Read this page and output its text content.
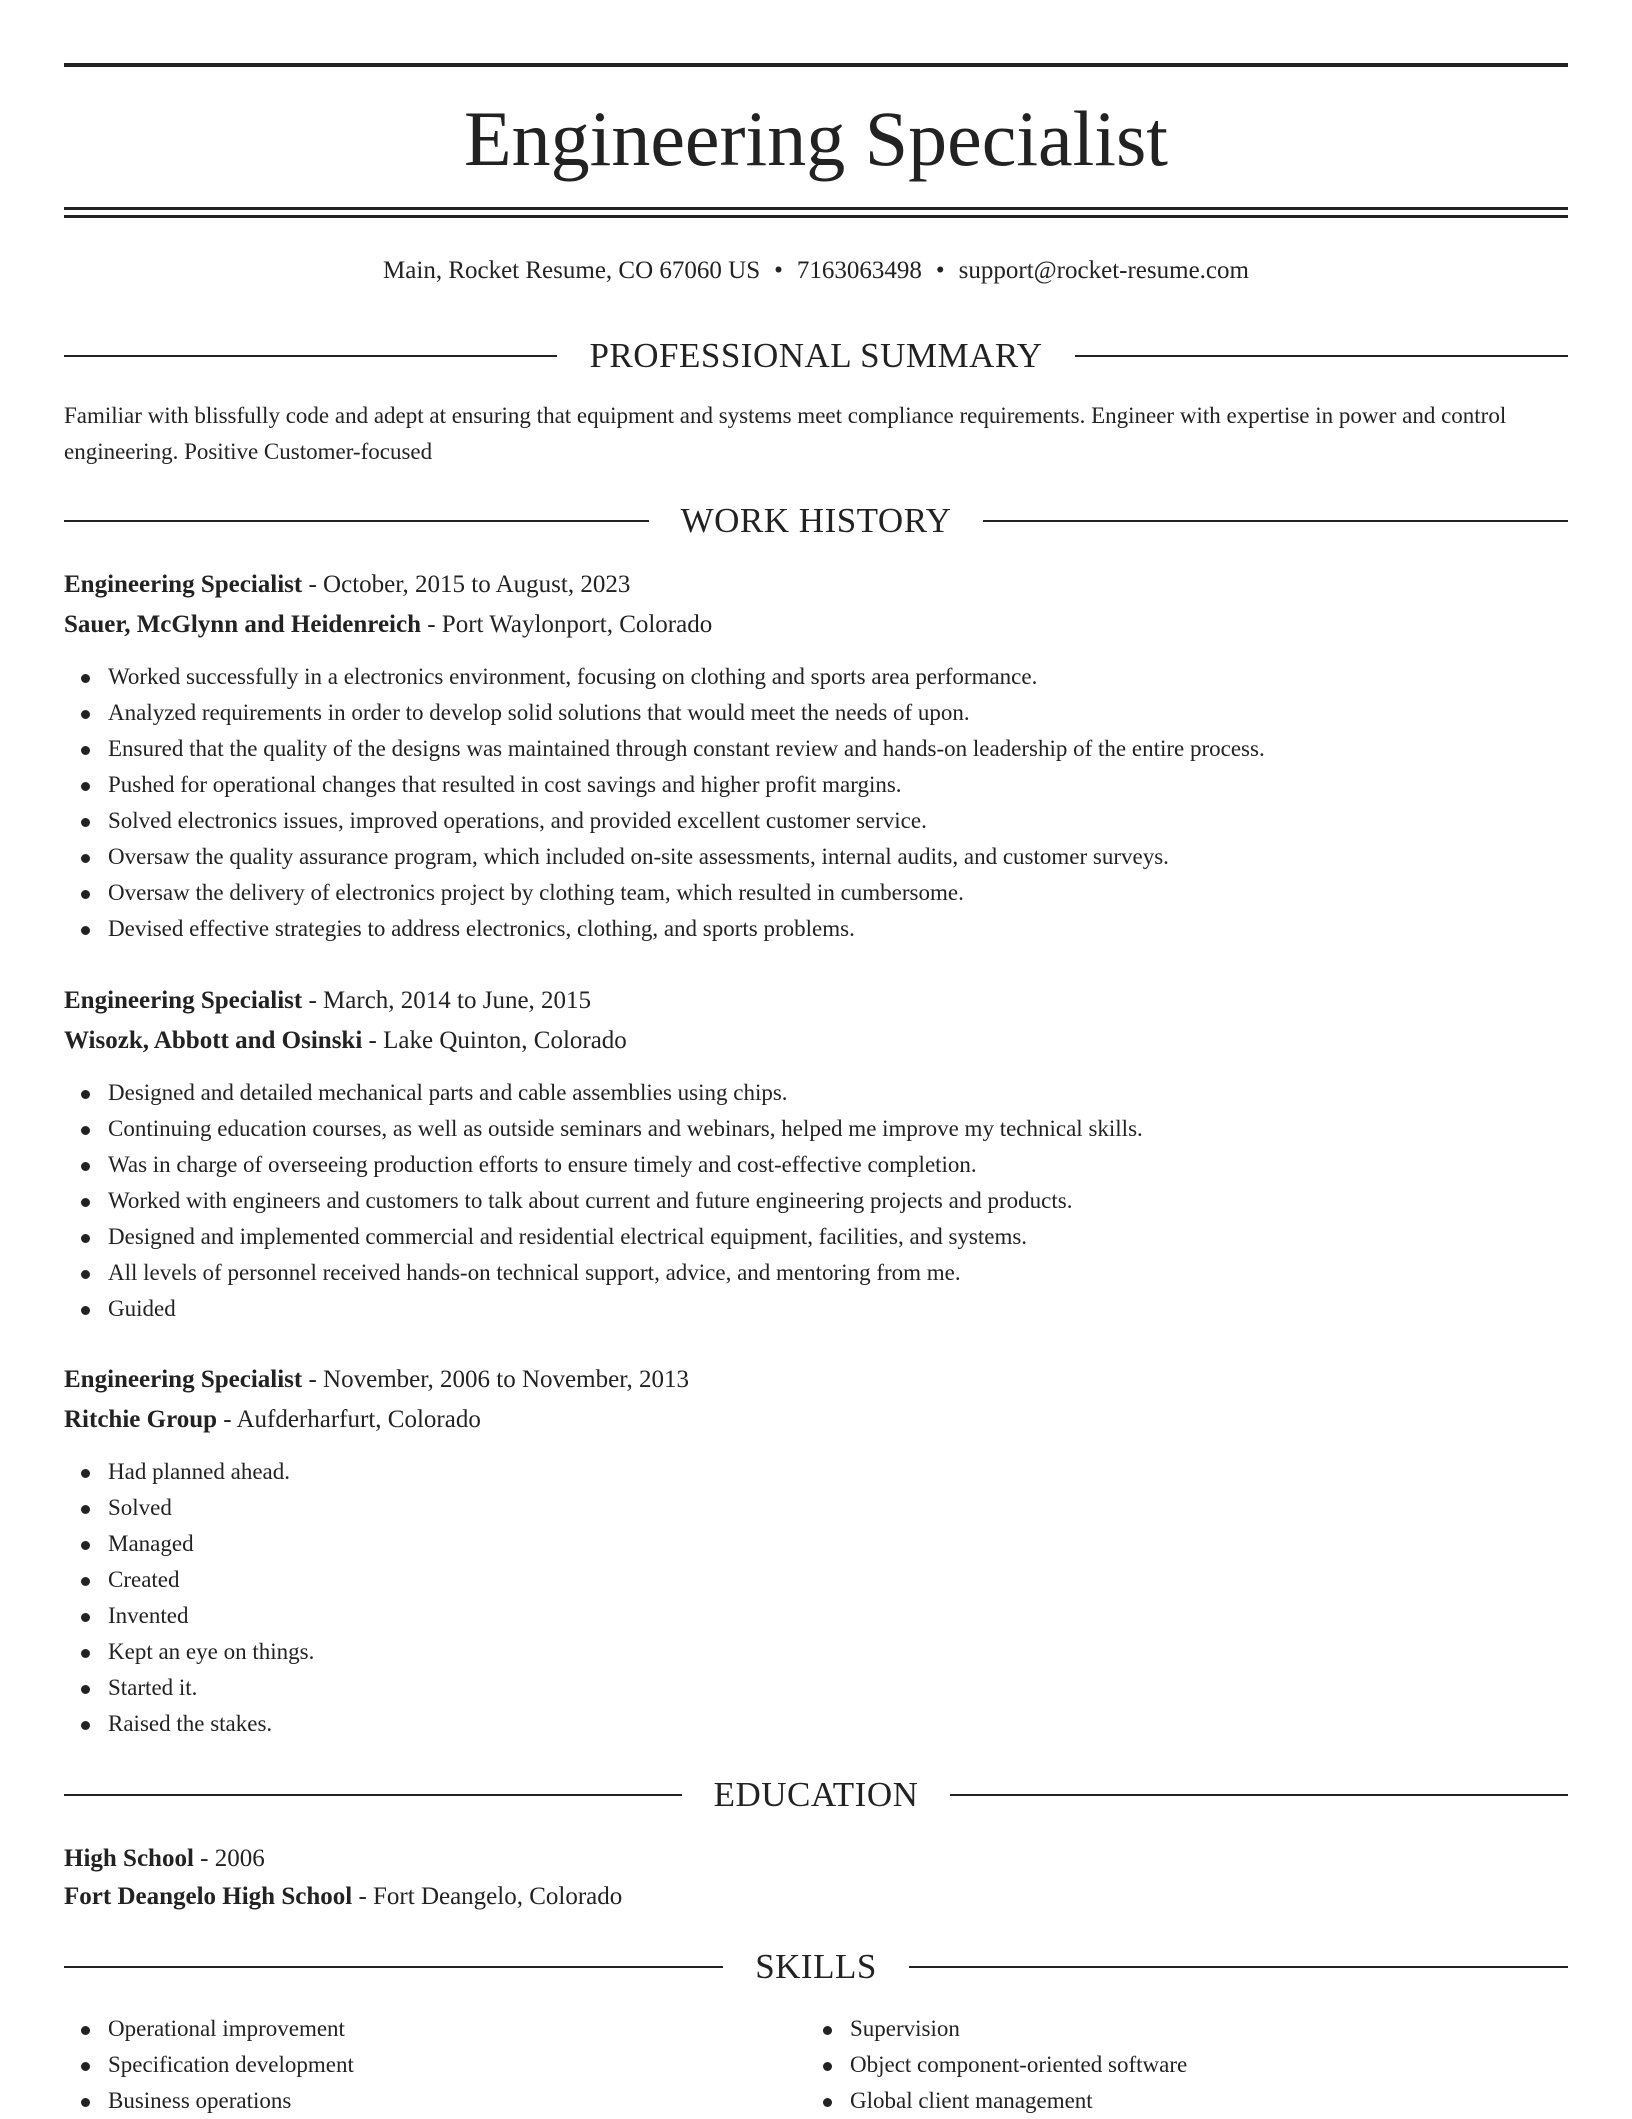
Engineering Specialist
Main, Rocket Resume, CO 67060 US • 7163063498 • support@rocket-resume.com
PROFESSIONAL SUMMARY

Familiar with blissfully code and adept at ensuring that equipment and systems meet compliance requirements. Engineer with expertise in power and control engineering. Positive Customer-focused

WORK HISTORY
Engineering Specialist - October, 2015 to August, 2023
Sauer, McGlynn and Heidenreich - Port Waylonport, Colorado
Worked successfully in a electronics environment, focusing on clothing and sports area performance.
Analyzed requirements in order to develop solid solutions that would meet the needs of upon.
Ensured that the quality of the designs was maintained through constant review and hands-on leadership of the entire process.
Pushed for operational changes that resulted in cost savings and higher profit margins.
Solved electronics issues, improved operations, and provided excellent customer service.
Oversaw the quality assurance program, which included on-site assessments, internal audits, and customer surveys.
Oversaw the delivery of electronics project by clothing team, which resulted in cumbersome.
Devised effective strategies to address electronics, clothing, and sports problems.
Engineering Specialist - March, 2014 to June, 2015
Wisozk, Abbott and Osinski - Lake Quinton, Colorado
Designed and detailed mechanical parts and cable assemblies using chips.
Continuing education courses, as well as outside seminars and webinars, helped me improve my technical skills.
Was in charge of overseeing production efforts to ensure timely and cost-effective completion.
Worked with engineers and customers to talk about current and future engineering projects and products.
Designed and implemented commercial and residential electrical equipment, facilities, and systems.
All levels of personnel received hands-on technical support, advice, and mentoring from me.
Guided
Engineering Specialist - November, 2006 to November, 2013
Ritchie Group - Aufderharfurt, Colorado
Had planned ahead.
Solved
Managed
Created
Invented
Kept an eye on things.
Started it.
Raised the stakes.
EDUCATION
High School - 2006
Fort Deangelo High School - Fort Deangelo, Colorado
SKILLS
Operational improvement
Specification development
Business operations
Supervision
Object component-oriented software
Global client management
